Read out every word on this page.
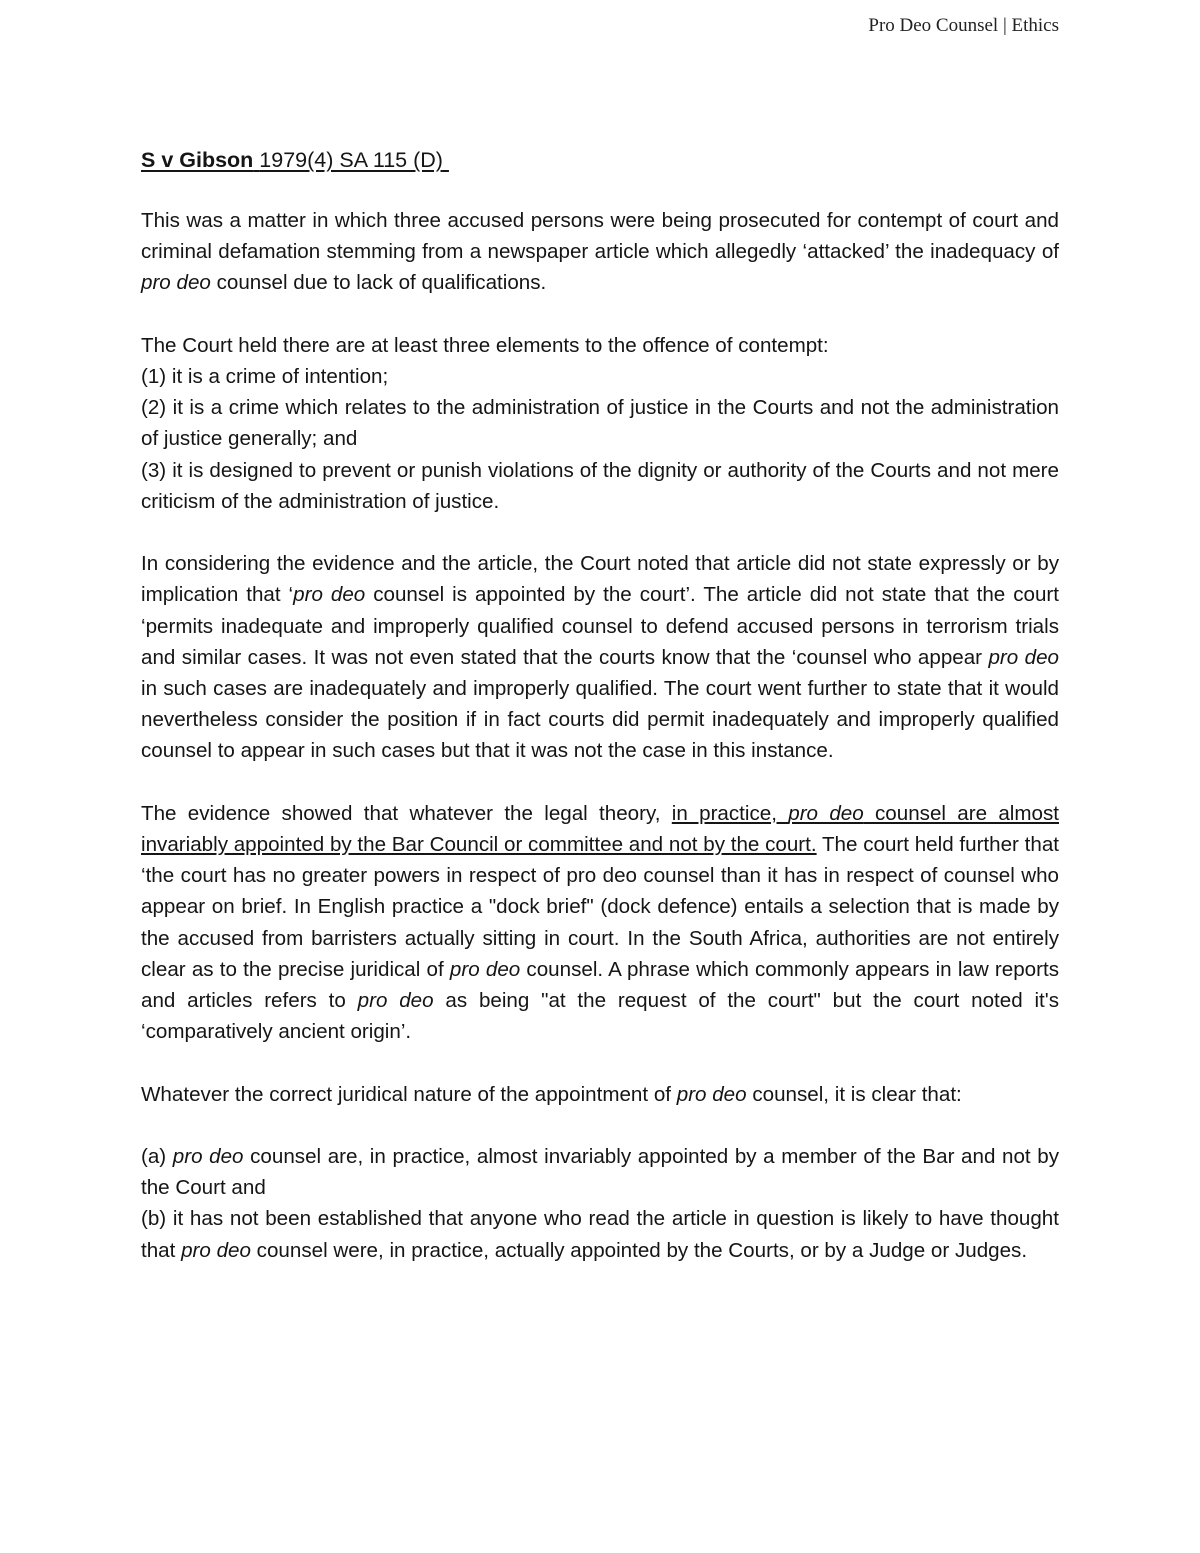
Pro Deo Counsel | Ethics

S v Gibson 1979(4) SA 115 (D)

This was a matter in which three accused persons were being prosecuted for contempt of court and criminal defamation stemming from a newspaper article which allegedly ‘attacked’ the inadequacy of pro deo counsel due to lack of qualifications.

The Court held there are at least three elements to the offence of contempt:

(1) it is a crime of intention;

(2) it is a crime which relates to the administration of justice in the Courts and not the administration of justice generally; and

(3) it is designed to prevent or punish violations of the dignity or authority of the Courts and not mere criticism of the administration of justice.

In considering the evidence and the article, the Court noted that article did not state expressly or by implication that ‘pro deo counsel is appointed by the court’. The article did not state that the court ‘permits inadequate and improperly qualified counsel to defend accused persons in terrorism trials and similar cases. It was not even stated that the courts know that the ‘counsel who appear pro deo in such cases are inadequately and improperly qualified. The court went further to state that it would nevertheless consider the position if in fact courts did permit inadequately and improperly qualified counsel to appear in such cases but that it was not the case in this instance.

The evidence showed that whatever the legal theory, in practice, pro deo counsel are almost invariably appointed by the Bar Council or committee and not by the court. The court held further that ‘the court has no greater powers in respect of pro deo counsel than it has in respect of counsel who appear on brief. In English practice a "dock brief" (dock defence) entails a selection that is made by the accused from barristers actually sitting in court. In the South Africa, authorities are not entirely clear as to the precise juridical of pro deo counsel. A phrase which commonly appears in law reports and articles refers to pro deo as being "at the request of the court" but the court noted it's ‘comparatively ancient origin’.

Whatever the correct juridical nature of the appointment of pro deo counsel, it is clear that:

(a) pro deo counsel are, in practice, almost invariably appointed by a member of the Bar and not by the Court and

(b) it has not been established that anyone who read the article in question is likely to have thought that pro deo counsel were, in practice, actually appointed by the Courts, or by a Judge or Judges.
